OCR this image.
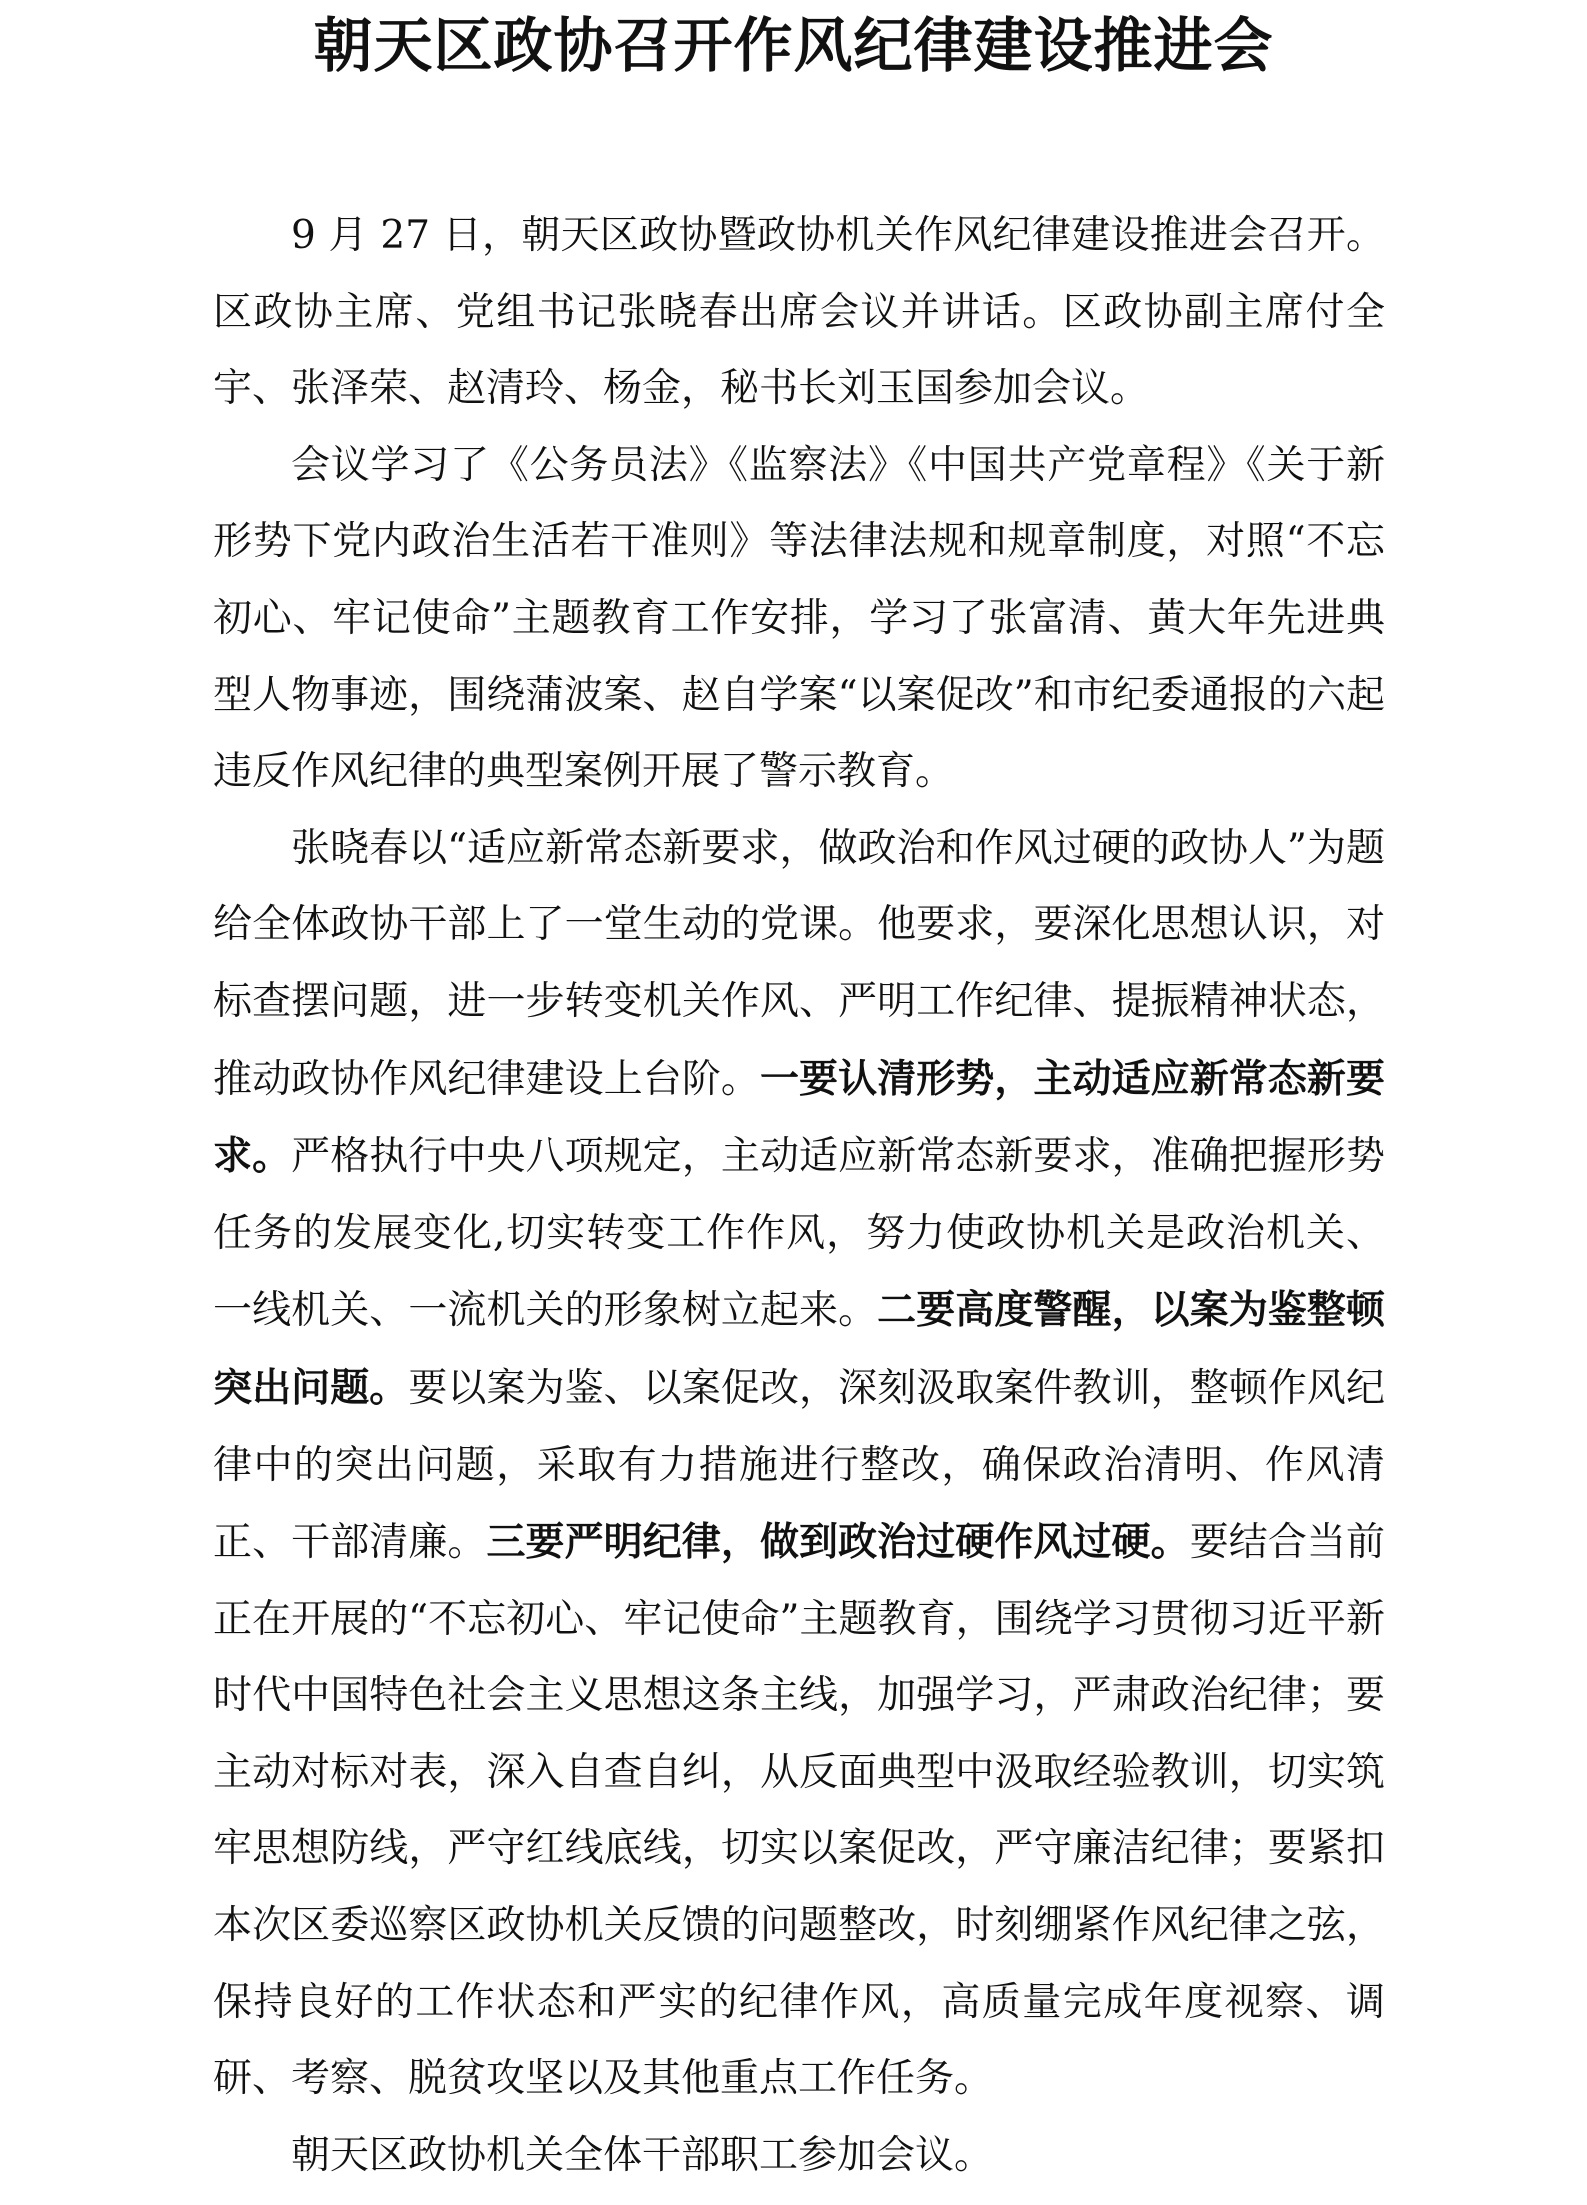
朝天区政协召开作风纪律建设推进会

9 月 27 日，朝天区政协暨政协机关作风纪律建设推进会召开。区政协主席、党组书记张晓春出席会议并讲话。区政协副主席付全宇、张泽荣、赵清玲、杨金，秘书长刘玉国参加会议。

会议学习了《公务员法》《监察法》《中国共产党章程》《关于新形势下党内政治生活若干准则》等法律法规和规章制度，对照“不忘初心、牢记使命”主题教育工作安排，学习了张富清、黄大年先进典型人物事迹，围绕蒲波案、赵自学案“以案促改”和市纪委通报的六起违反作风纪律的典型案例开展了警示教育。

张晓春以“适应新常态新要求，做政治和作风过硬的政协人”为题给全体政协干部上了一堂生动的党课。他要求，要深化思想认识，对标查摆问题，进一步转变机关作风、严明工作纪律、提振精神状态，推动政协作风纪律建设上台阶。一要认清形势，主动适应新常态新要求。严格执行中央八项规定，主动适应新常态新要求，准确把握形势任务的发展变化,切实转变工作作风，努力使政协机关是政治机关、一线机关、一流机关的形象树立起来。二要高度警醒，以案为鉴整顿突出问题。要以案为鉴、以案促改，深刻汲取案件教训，整顿作风纪律中的突出问题，采取有力措施进行整改，确保政治清明、作风清正、干部清廉。三要严明纪律，做到政治过硬作风过硬。要结合当前正在开展的“不忘初心、牢记使命”主题教育，围绕学习贯彻习近平新时代中国特色社会主义思想这条主线，加强学习，严肃政治纪律；要主动对标对表，深入自查自纠，从反面典型中汲取经验教训，切实筑牢思想防线，严守红线底线，切实以案促改，严守廉洁纪律；要紧扣本次区委巡察区政协机关反馈的问题整改，时刻绷紧作风纪律之弦，保持良好的工作状态和严实的纪律作风，高质量完成年度视察、调研、考察、脱贫攻坚以及其他重点工作任务。

朝天区政协机关全体干部职工参加会议。
